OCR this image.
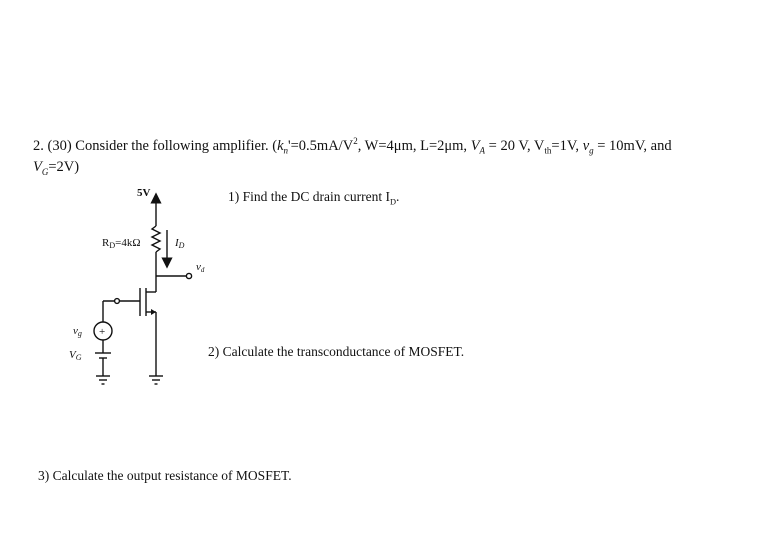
2. (30) Consider the following amplifier. ($k_n'=0.5mA/V^2$, W=4μm, L=2μm, $V_A = 20$ V, $V_{th}=1V$, $v_g = 10mV$, and
$V_G=2V$)
1) Find the DC drain current $I_D$.
2) Calculate the transconductance of MOSFET.
3) Calculate the output resistance of MOSFET.
5V
RD=4kΩ	ID
vd
vg
VG
+
